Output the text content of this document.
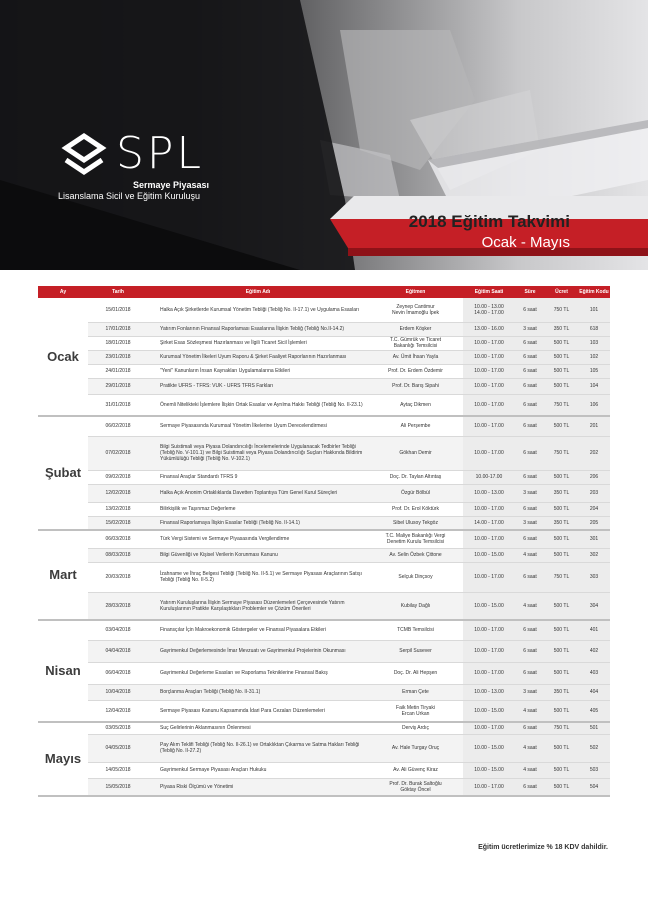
SPL
Sermaye Piyasası
Lisanslama Sicil ve Eğitim Kuruluşu
2018 Eğitim Takvimi
Ocak - Mayıs
Ay	Tarih	Eğitim Adı	Eğitmen	Eğitim Saati	Süre	Ücret	Eğitim Kodu
Ocak	15/01/2018	Halka Açık Şirketlerde Kurumsal Yönetim Tebliği (Tebliğ No. II-17.1) ve Uygulama Esasları	Zeynep Cantimur
Nevin İmamoğlu İpek	10.00 - 13.00
14.00 - 17.00	6 saat	750 TL	101
	17/01/2018	Yatırım Fonlarının Finansal Raporlaması Esaslarına İlişkin Tebliğ (Tebliğ No.II-14.2)	Erdem Köşker	13.00 - 16.00	3 saat	350 TL	618
	18/01/2018	Şirket Esas Sözleşmesi Hazırlanması ve İlgili Ticaret Sicil İşlemleri	T.C. Gümrük ve Ticaret
Bakanlığı Temsilcisi	10.00 - 17.00	6 saat	500 TL	103
	23/01/2018	Kurumsal Yönetim İlkeleri Uyum Raporu & Şirket Faaliyet Raporlarının Hazırlanması	Av. Ümit İhsan Yayla	10.00 - 17.00	6 saat	500 TL	102
	24/01/2018	"Yeni" Kanunların İnsan Kaynakları Uygulamalarına Etkileri	Prof. Dr. Erdem Özdemir	10.00 - 17.00	6 saat	500 TL	105
	29/01/2018	Pratikte UFRS - TFRS: VUK - UFRS TFRS Farkları	Prof. Dr. Barış Sipahi	10.00 - 17.00	6 saat	500 TL	104
	31/01/2018	Önemli Nitelikteki İşlemlere İlişkin Ortak Esaslar ve Ayrılma Hakkı Tebliği (Tebliğ No. II-23.1)	Aytaç Dikmen	10.00 - 17.00	6 saat	750 TL	106
Şubat	06/02/2018	Sermaye Piyasasında Kurumsal Yönetim İlkelerine Uyum Derecelendirmesi	Ali Perşembe	10.00 - 17.00	6 saat	500 TL	201
	07/02/2018	Bilgi Suistimali veya Piyasa Dolandırıcılığı İncelemelerinde Uygulanacak Tedbirler Tebliği (Tebliğ No. V-101.1) ve Bilgi Suistimali veya Piyasa Dolandırıcılığı Suçları Hakkında Bildirim Yükümlülüğü Tebliği (Tebliğ No. V-102.1)	Gökhan Demir	10.00 - 17.00	6 saat	750 TL	202
	09/02/2018	Finansal Araçlar Standardı TFRS 9	Doç. Dr. Taylan Altıntaş	10.00-17.00	6 saat	500 TL	206
	12/02/2018	Halka Açık Anonim Ortaklıklarda Davetten Toplantıya Tüm Genel Kurul Süreçleri	Özgür Bölbül	10.00 - 13.00	3 saat	350 TL	203
	13/02/2018	Bilirkişilik ve Taşınmaz Değerleme	Prof. Dr. Erol Köktürk	10.00 - 17.00	6 saat	500 TL	204
	15/02/2018	Finansal Raporlamaya İlişkin Esaslar Tebliği (Tebliğ No. II-14.1)	Sibel Ulusoy Tekgöz	14.00 - 17.00	3 saat	350 TL	205
Mart	06/03/2018	Türk Vergi Sistemi ve Sermaye Piyasasında Vergilendirme	T.C. Maliye Bakanlığı Vergi
Denetim Kurulu Temsilcisi	10.00 - 17.00	6 saat	500 TL	301
	08/03/2018	Bilgi Güvenliği ve Kişisel Verilerin Korunması Kanunu	Av. Selin Özbek Çittone	10.00 - 15.00	4 saat	500 TL	302
	20/03/2018	İzahname ve İhraç Belgesi Tebliği (Tebliğ No. II-5.1) ve Sermaye Piyasası Araçlarının Satışı Tebliği (Tebliğ No. II-5.2)	Selçuk Dinçsoy	10.00 - 17.00	6 saat	750 TL	303
	28/03/2018	Yatırım Kuruluşlarına İlişkin Sermaye Piyasası Düzenlemeleri Çerçevesinde Yatırım Kuruluşlarının Pratikte Karşılaştıkları Problemler ve Çözüm Önerileri	Kubilay Dağlı	10.00 - 15.00	4 saat	500 TL	304
Nisan	03/04/2018	Finansçılar İçin Makroekonomik Göstergeler ve Finansal Piyasalara Etkileri	TCMB Temsilcisi	10.00 - 17.00	6 saat	500 TL	401
	04/04/2018	Gayrimenkul Değerlemesinde İmar Mevzuatı ve Gayrimenkul Projelerinin Okunması	Serpil Susever	10.00 - 17.00	6 saat	500 TL	402
	06/04/2018	Gayrimenkul Değerleme Esasları ve Raporlama Tekniklerine Finansal Bakış	Doç. Dr. Ali Hepşen	10.00 - 17.00	6 saat	500 TL	403
	10/04/2018	Borçlanma Araçları Tebliği (Tebliğ No. II-31.1)	Erman Çete	10.00 - 13.00	3 saat	350 TL	404
	12/04/2018	Sermaye Piyasası Kanunu Kapsamında İdari Para Cezaları Düzenlemeleri	Faik Metin Tiryaki
Ercan Urkan	10.00 - 15.00	4 saat	500 TL	405
Mayıs	03/05/2018	Suç Gelirlerinin Aklanmasının Önlenmesi	Derviş Ardıç	10.00 - 17.00	6 saat	750 TL	501
	04/05/2018	Pay Alım Teklifi Tebliği (Tebliğ No. II-26.1) ve Ortaklıktan Çıkarma ve Satma Hakları Tebliği (Tebliğ No. II-27.2)	Av. Hale Turgay Oruç	10.00 - 15.00	4 saat	500 TL	502
	14/05/2018	Gayrimenkul Sermaye Piyasası Araçları Hukuku	Av. Ali Güvenç Kiraz	10.00 - 15.00	4 saat	500 TL	503
	15/05/2018	Piyasa Riski Ölçümü ve Yönetimi	Prof. Dr. Burak Saltoğlu
Göktay Öncel	10.00 - 17.00	6 saat	500 TL	504
Eğitim ücretlerimize % 18 KDV dahildir.
